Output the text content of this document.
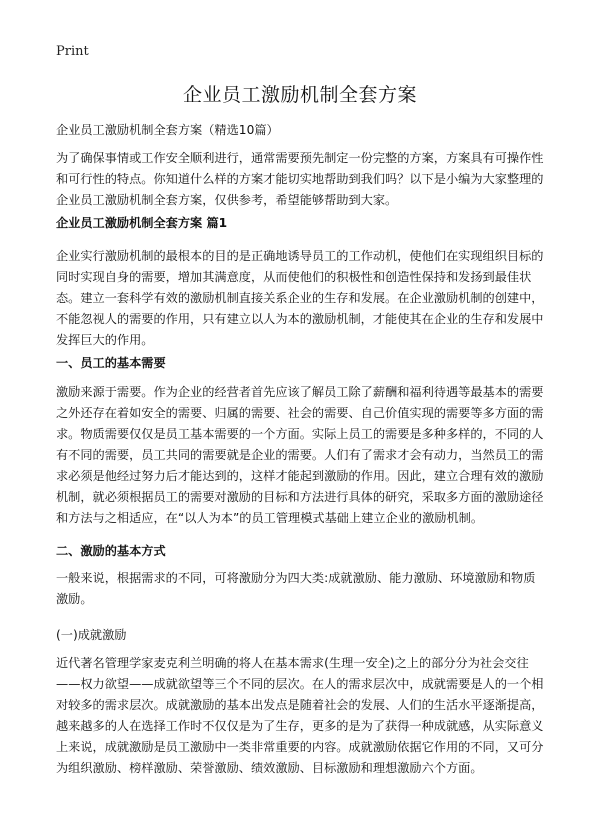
Print
企业员工激励机制全套方案

企业员工激励机制全套方案（精选10篇）

为了确保事情或工作安全顺利进行，通常需要预先制定一份完整的方案，方案具有可操作性和可行性的特点。你知道什么样的方案才能切实地帮助到我们吗？以下是小编为大家整理的企业员工激励机制全套方案，仅供参考，希望能够帮助到大家。

企业员工激励机制全套方案 篇1

企业实行激励机制的最根本的目的是正确地诱导员工的工作动机，使他们在实现组织目标的同时实现自身的需要，增加其满意度，从而使他们的积极性和创造性保持和发扬到最佳状态。建立一套科学有效的激励机制直接关系企业的生存和发展。在企业激励机制的创建中，不能忽视人的需要的作用，只有建立以人为本的激励机制，才能使其在企业的生存和发展中发挥巨大的作用。

一、员工的基本需要

激励来源于需要。作为企业的经营者首先应该了解员工除了薪酬和福利待遇等最基本的需要之外还存在着如安全的需要、归属的需要、社会的需要、自己价值实现的需要等多方面的需求。物质需要仅仅是员工基本需要的一个方面。实际上员工的需要是多种多样的，不同的人有不同的需要，员工共同的需要就是企业的需要。人们有了需求才会有动力，当然员工的需求必须是他经过努力后才能达到的，这样才能起到激励的作用。因此，建立合理有效的激励机制，就必须根据员工的需要对激励的目标和方法进行具体的研究，采取多方面的激励途径和方法与之相适应，在“以人为本”的员工管理模式基础上建立企业的激励机制。

二、激励的基本方式

一般来说，根据需求的不同，可将激励分为四大类:成就激励、能力激励、环境激励和物质激励。

(一)成就激励

近代著名管理学家麦克利兰明确的将人在基本需求(生理一安全)之上的部分分为社会交往——权力欲望——成就欲望等三个不同的层次。在人的需求层次中，成就需要是人的一个相对较多的需求层次。成就激励的基本出发点是随着社会的发展、人们的生活水平逐渐提高，越来越多的人在选择工作时不仅仅是为了生存，更多的是为了获得一种成就感，从实际意义上来说，成就激励是员工激励中一类非常重要的内容。成就激励依据它作用的不同，又可分为组织激励、榜样激励、荣誉激励、绩效激励、目标激励和理想激励六个方面。
